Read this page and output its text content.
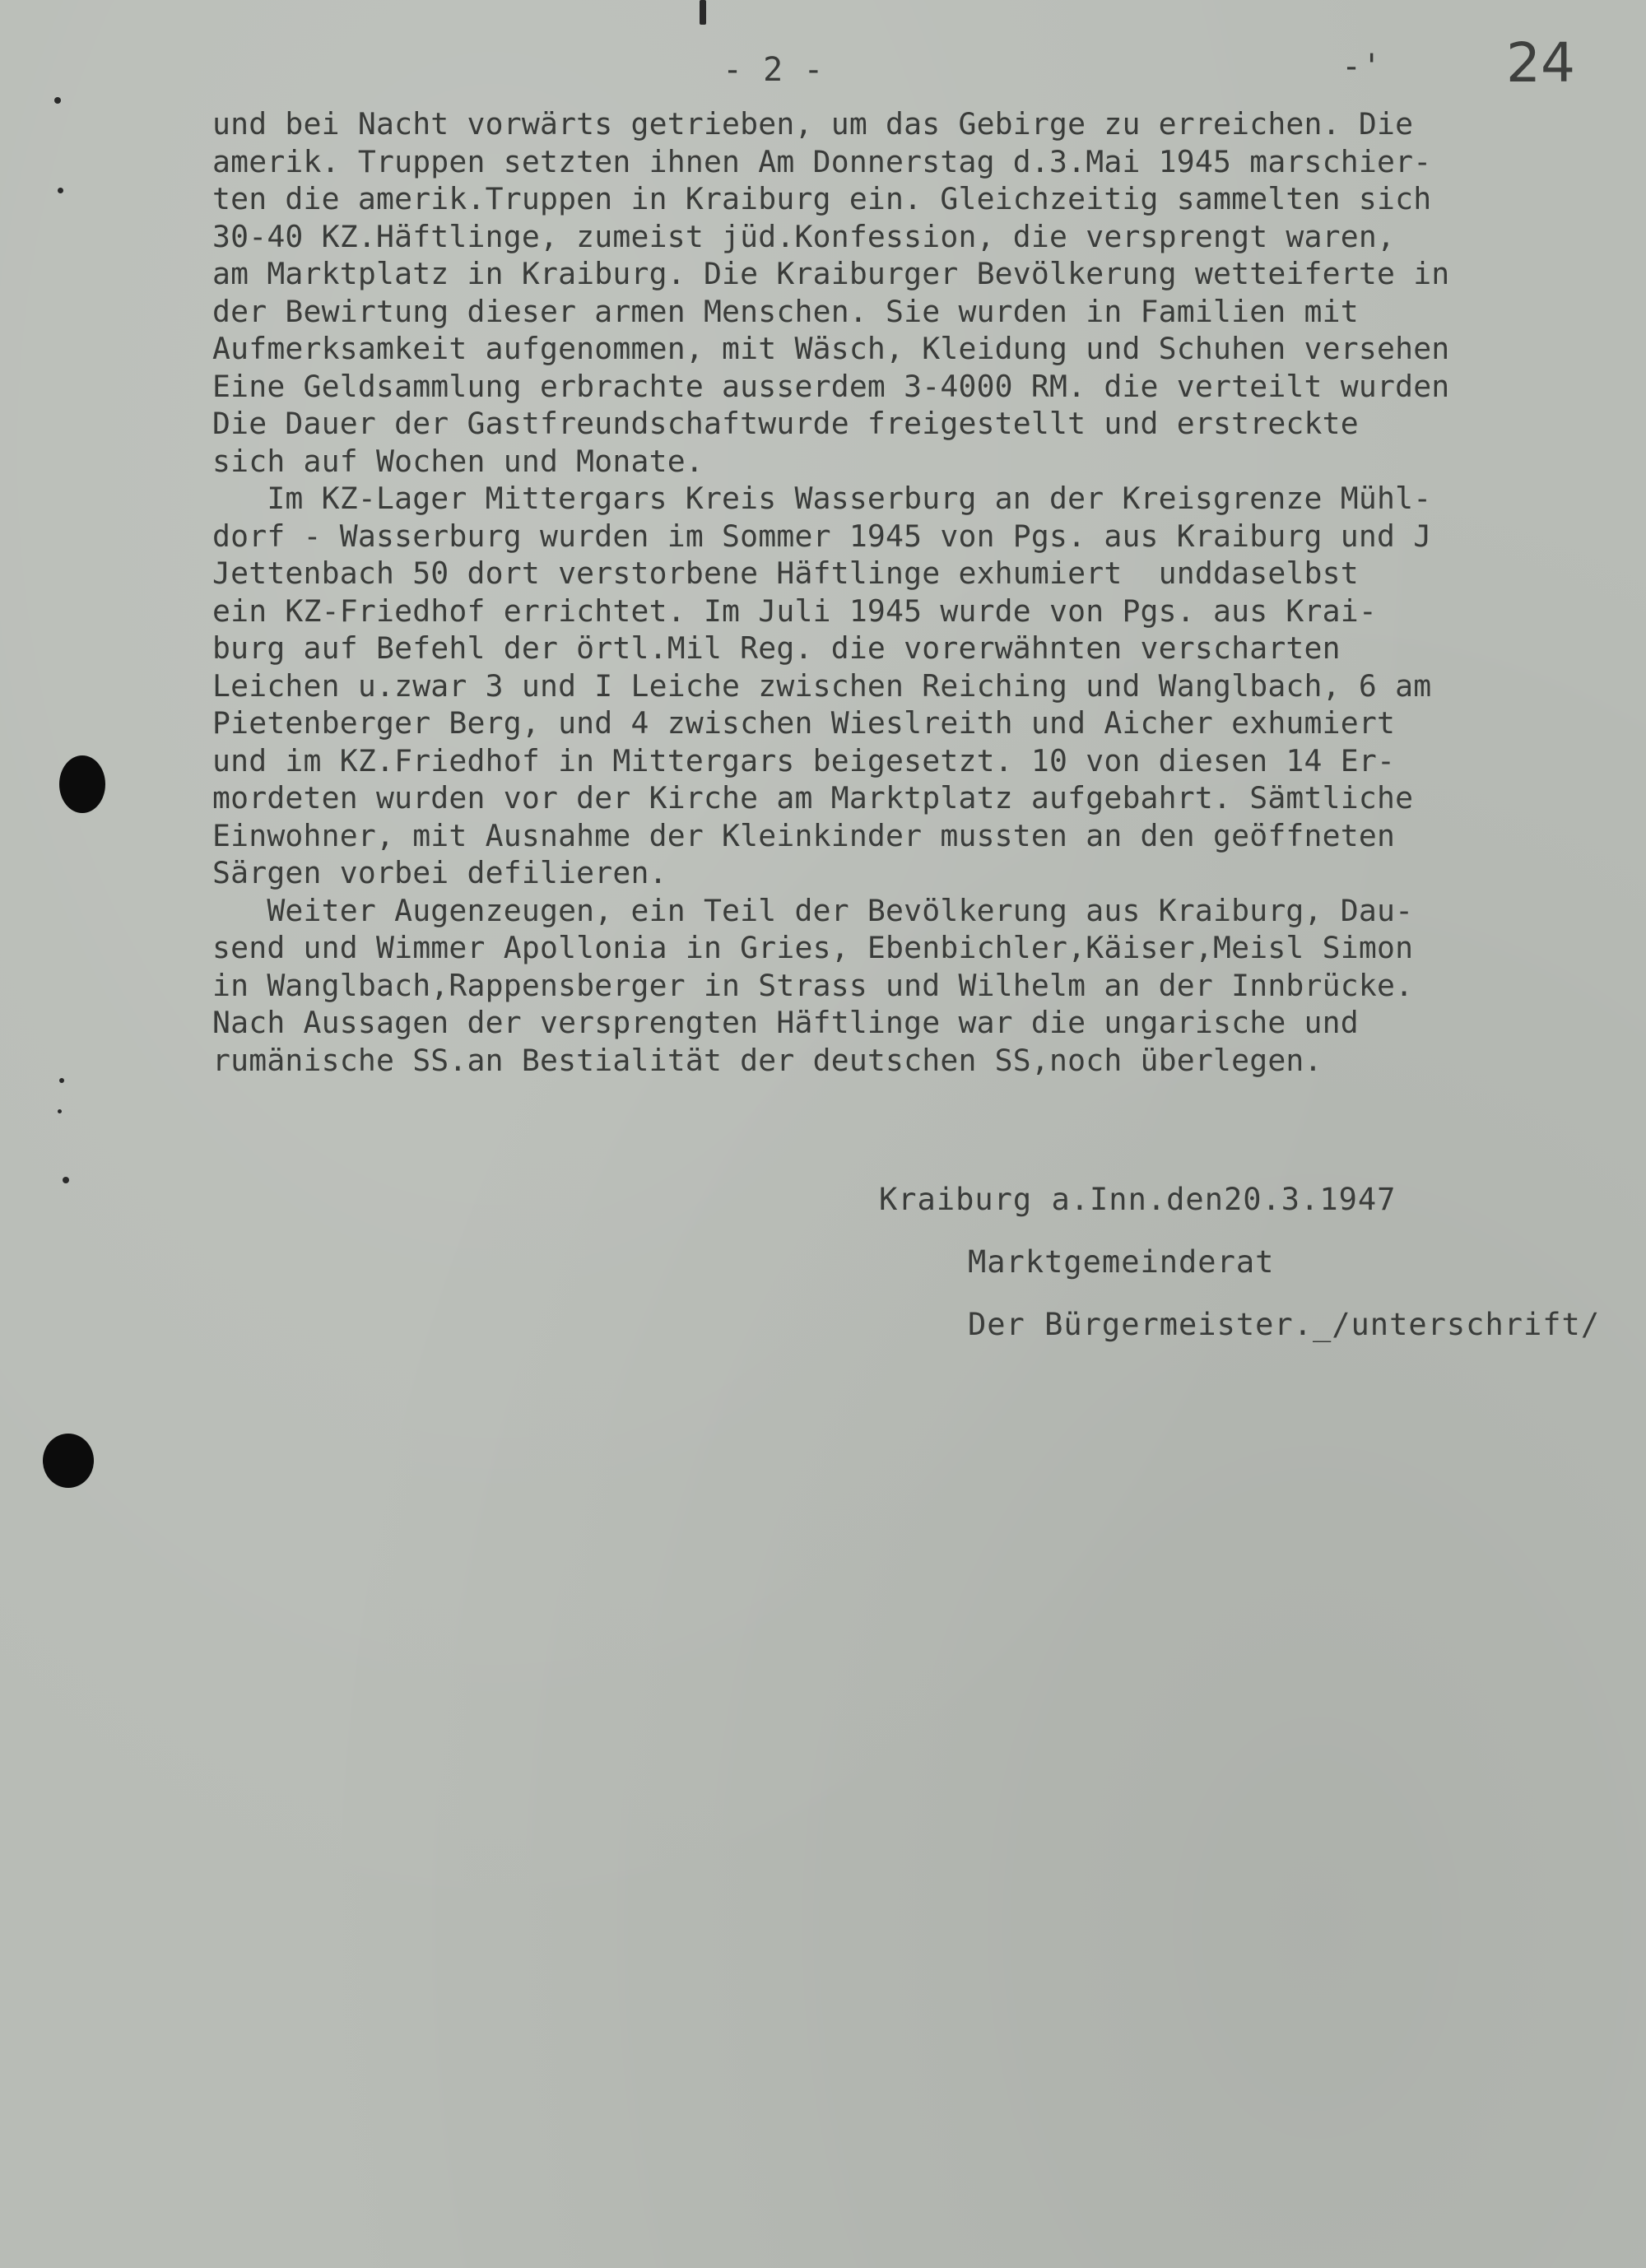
- 2 -	-' 24

und bei Nacht vorwärts getrieben, um das Gebirge zu erreichen. Die
amerik. Truppen setzten ihnen Am Donnerstag d.3.Mai 1945 marschier-
ten die amerik.Truppen in Kraiburg ein. Gleichzeitig sammelten sich
30-40 KZ.Häftlinge, zumeist jüd.Konfession, die versprengt waren,
am Marktplatz in Kraiburg. Die Kraiburger Bevölkerung wetteiferte in
der Bewirtung dieser armen Menschen. Sie wurden in Familien mit
Aufmerksamkeit aufgenommen, mit Wäsch, Kleidung und Schuhen versehen
Eine Geldsammlung erbrachte ausserdem 3-4000 RM. die verteilt wurden
Die Dauer der Gastfreundschaftwurde freigestellt und erstreckte
sich auf Wochen und Monate.
Im KZ-Lager Mittergars Kreis Wasserburg an der Kreisgrenze Mühl-
dorf - Wasserburg wurden im Sommer 1945 von Pgs. aus Kraiburg und J
Jettenbach 50 dort verstorbene Häftlinge exhumiert  unddaselbst
ein KZ-Friedhof errichtet. Im Juli 1945 wurde von Pgs. aus Krai-
burg auf Befehl der örtl.Mil Reg. die vorerwähnten verscharten
Leichen u.zwar 3 und I Leiche zwischen Reiching und Wanglbach, 6 am
Pietenberger Berg, und 4 zwischen Wieslreith und Aicher exhumiert
und im KZ.Friedhof in Mittergars beigesetzt. 10 von diesen 14 Er-
mordeten wurden vor der Kirche am Marktplatz aufgebahrt. Sämtliche
Einwohner, mit Ausnahme der Kleinkinder mussten an den geöffneten
Särgen vorbei defilieren.
Weiter Augenzeugen, ein Teil der Bevölkerung aus Kraiburg, Dau-
send und Wimmer Apollonia in Gries, Ebenbichler,Käiser,Meisl Simon
in Wanglbach,Rappensberger in Strass und Wilhelm an der Innbrücke.
Nach Aussagen der versprengten Häftlinge war die ungarische und
rumänische SS.an Bestialität der deutschen SS,noch überlegen.
Kraiburg a.Inn.den20.3.1947
Marktgemeinderat
Der Bürgermeister._/unterschrift/
